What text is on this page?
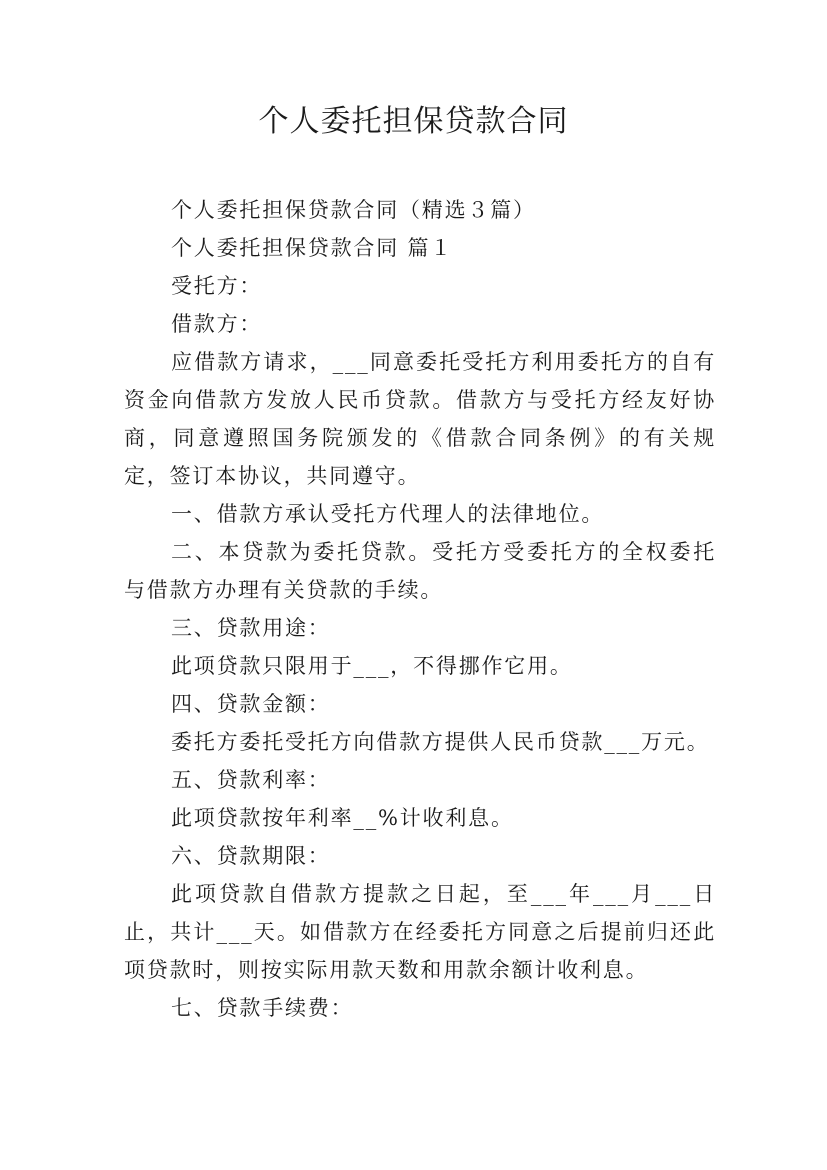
个人委托担保贷款合同

个人委托担保贷款合同（精选３篇）

个人委托担保贷款合同 篇１

受托方：

借款方：

应借款方请求，___同意委托受托方利用委托方的自有资金向借款方发放人民币贷款。借款方与受托方经友好协商，同意遵照国务院颁发的《借款合同条例》的有关规定，签订本协议，共同遵守。

一、借款方承认受托方代理人的法律地位。

二、本贷款为委托贷款。受托方受委托方的全权委托与借款方办理有关贷款的手续。

三、贷款用途：

此项贷款只限用于___，不得挪作它用。

四、贷款金额：

委托方委托受托方向借款方提供人民币贷款___万元。

五、贷款利率：

此项贷款按年利率__%计收利息。

六、贷款期限：

此项贷款自借款方提款之日起，至___年___月___日止，共计___天。如借款方在经委托方同意之后提前归还此项贷款时，则按实际用款天数和用款余额计收利息。

七、贷款手续费：
